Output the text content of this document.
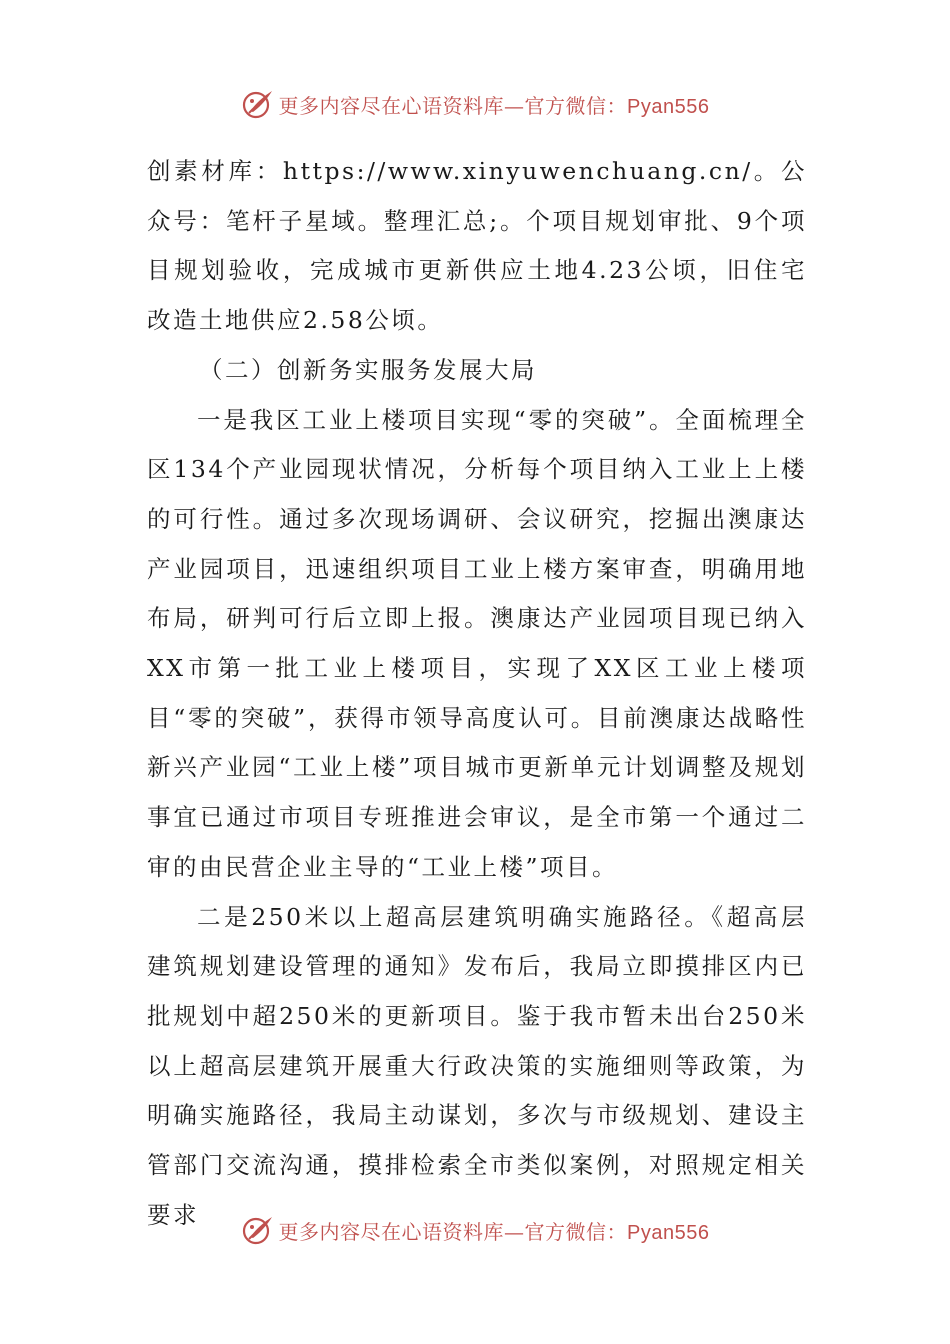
更多内容尽在心语资料库—官方微信：Pyan556

创素材库：https://www.xinyuwenchuang.cn/。公众号：笔杆子星域。整理汇总;。个项目规划审批、9个项目规划验收，完成城市更新供应土地4.23公顷，旧住宅改造土地供应2.58公顷。

（二）创新务实服务发展大局

一是我区工业上楼项目实现“零的突破”。全面梳理全区134个产业园现状情况，分析每个项目纳入工业上上楼的可行性。通过多次现场调研、会议研究，挖掘出澳康达产业园项目，迅速组织项目工业上楼方案审查，明确用地布局，研判可行后立即上报。澳康达产业园项目现已纳入XX市第一批工业上楼项目，实现了XX区工业上楼项目“零的突破”，获得市领导高度认可。目前澳康达战略性新兴产业园“工业上楼”项目城市更新单元计划调整及规划事宜已通过市项目专班推进会审议，是全市第一个通过二审的由民营企业主导的“工业上楼”项目。

二是250米以上超高层建筑明确实施路径。《超高层建筑规划建设管理的通知》发布后，我局立即摸排区内已批规划中超250米的更新项目。鉴于我市暂未出台250米以上超高层建筑开展重大行政决策的实施细则等政策，为明确实施路径，我局主动谋划，多次与市级规划、建设主管部门交流沟通，摸排检索全市类似案例，对照规定相关要求

更多内容尽在心语资料库—官方微信：Pyan556
